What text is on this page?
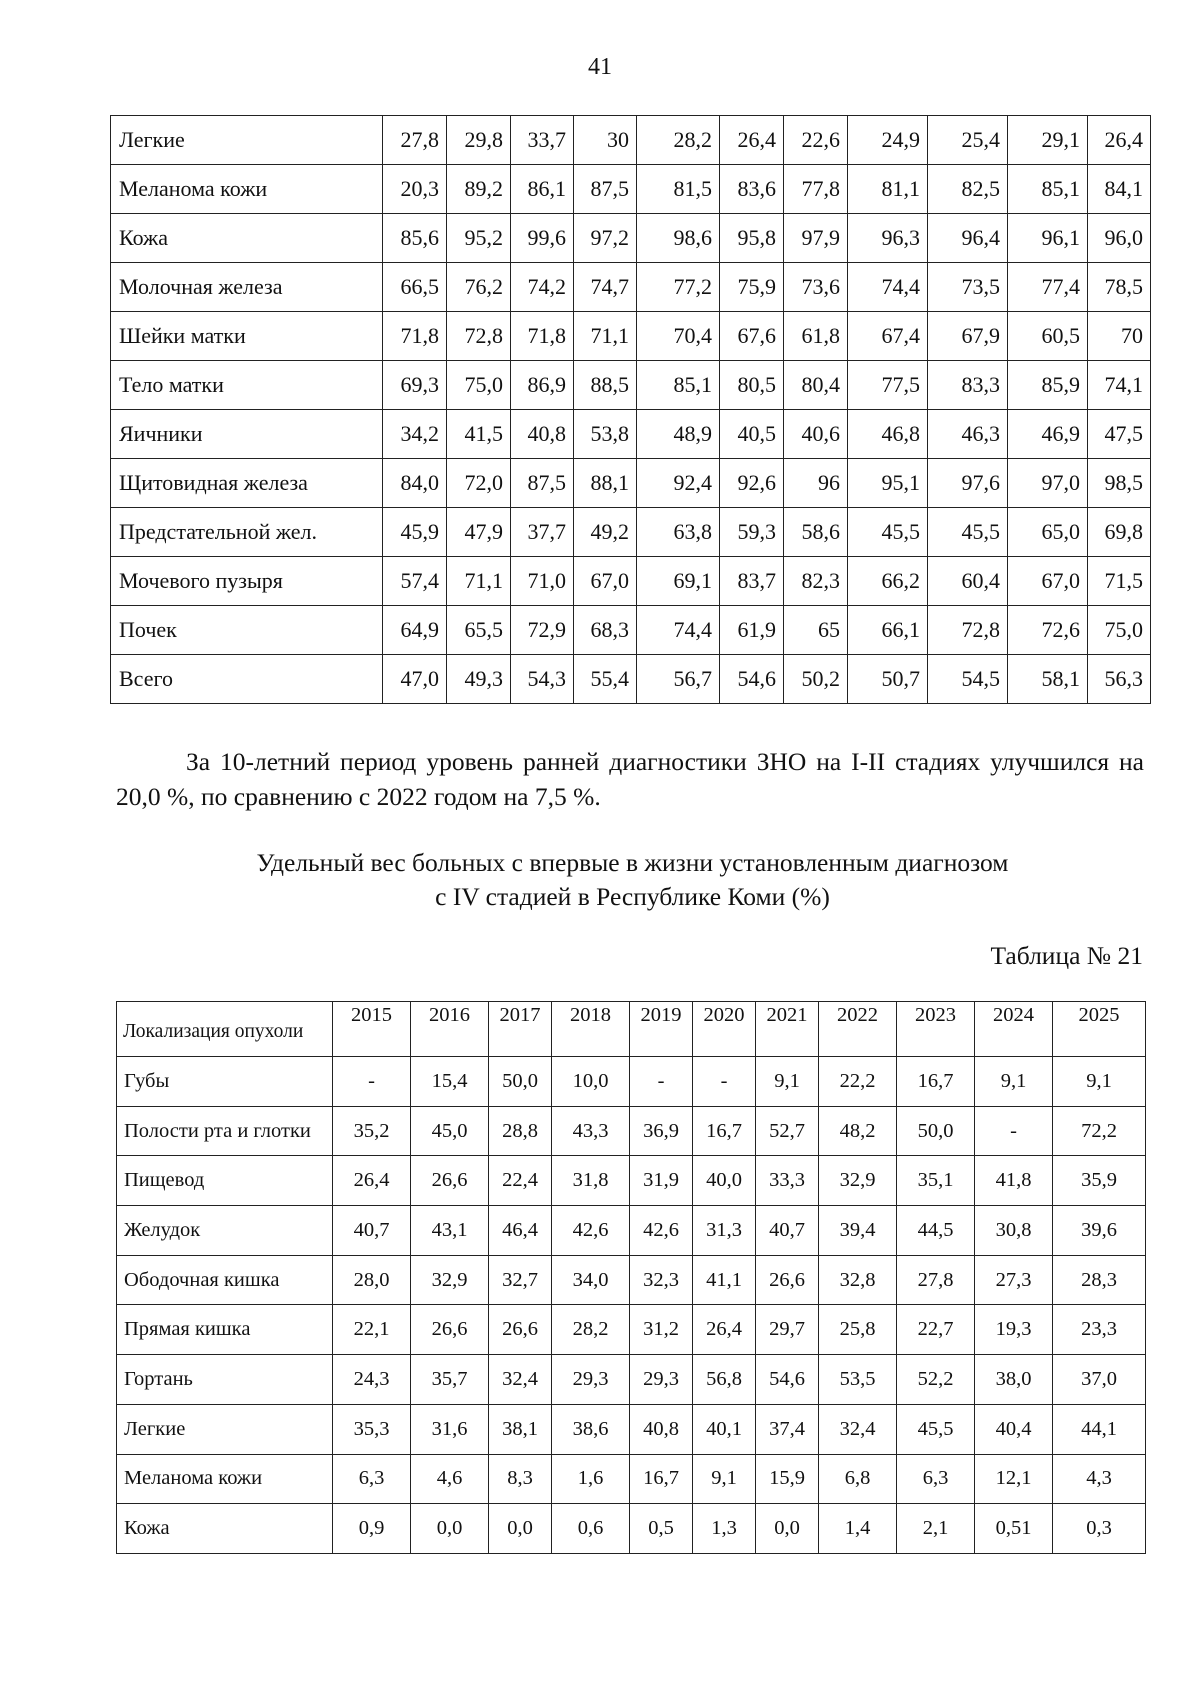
41
Легкие	27,8	29,8	33,7	30	28,2	26,4	22,6	24,9	25,4	29,1	26,4
Меланома кожи	20,3	89,2	86,1	87,5	81,5	83,6	77,8	81,1	82,5	85,1	84,1
Кожа	85,6	95,2	99,6	97,2	98,6	95,8	97,9	96,3	96,4	96,1	96,0
Молочная железа	66,5	76,2	74,2	74,7	77,2	75,9	73,6	74,4	73,5	77,4	78,5
Шейки матки	71,8	72,8	71,8	71,1	70,4	67,6	61,8	67,4	67,9	60,5	70
Тело матки	69,3	75,0	86,9	88,5	85,1	80,5	80,4	77,5	83,3	85,9	74,1
Яичники	34,2	41,5	40,8	53,8	48,9	40,5	40,6	46,8	46,3	46,9	47,5
Щитовидная железа	84,0	72,0	87,5	88,1	92,4	92,6	96	95,1	97,6	97,0	98,5
Предстательной жел.	45,9	47,9	37,7	49,2	63,8	59,3	58,6	45,5	45,5	65,0	69,8
Мочевого пузыря	57,4	71,1	71,0	67,0	69,1	83,7	82,3	66,2	60,4	67,0	71,5
Почек	64,9	65,5	72,9	68,3	74,4	61,9	65	66,1	72,8	72,6	75,0
Всего	47,0	49,3	54,3	55,4	56,7	54,6	50,2	50,7	54,5	58,1	56,3
За 10-летний период уровень ранней диагностики ЗНО на I-II стадиях улучшился на 20,0 %, по сравнению с 2022 годом на 7,5 %.
Удельный вес больных с впервые в жизни установленным диагнозом
с IV стадией в Республике Коми (%)
Таблица № 21
Локализация опухоли	2015	2016	2017	2018	2019	2020	2021	2022	2023	2024	2025
Губы	-	15,4	50,0	10,0	-	-	9,1	22,2	16,7	9,1	9,1
Полости рта и глотки	35,2	45,0	28,8	43,3	36,9	16,7	52,7	48,2	50,0	-	72,2
Пищевод	26,4	26,6	22,4	31,8	31,9	40,0	33,3	32,9	35,1	41,8	35,9
Желудок	40,7	43,1	46,4	42,6	42,6	31,3	40,7	39,4	44,5	30,8	39,6
Ободочная кишка	28,0	32,9	32,7	34,0	32,3	41,1	26,6	32,8	27,8	27,3	28,3
Прямая кишка	22,1	26,6	26,6	28,2	31,2	26,4	29,7	25,8	22,7	19,3	23,3
Гортань	24,3	35,7	32,4	29,3	29,3	56,8	54,6	53,5	52,2	38,0	37,0
Легкие	35,3	31,6	38,1	38,6	40,8	40,1	37,4	32,4	45,5	40,4	44,1
Меланома кожи	6,3	4,6	8,3	1,6	16,7	9,1	15,9	6,8	6,3	12,1	4,3
Кожа	0,9	0,0	0,0	0,6	0,5	1,3	0,0	1,4	2,1	0,51	0,3
